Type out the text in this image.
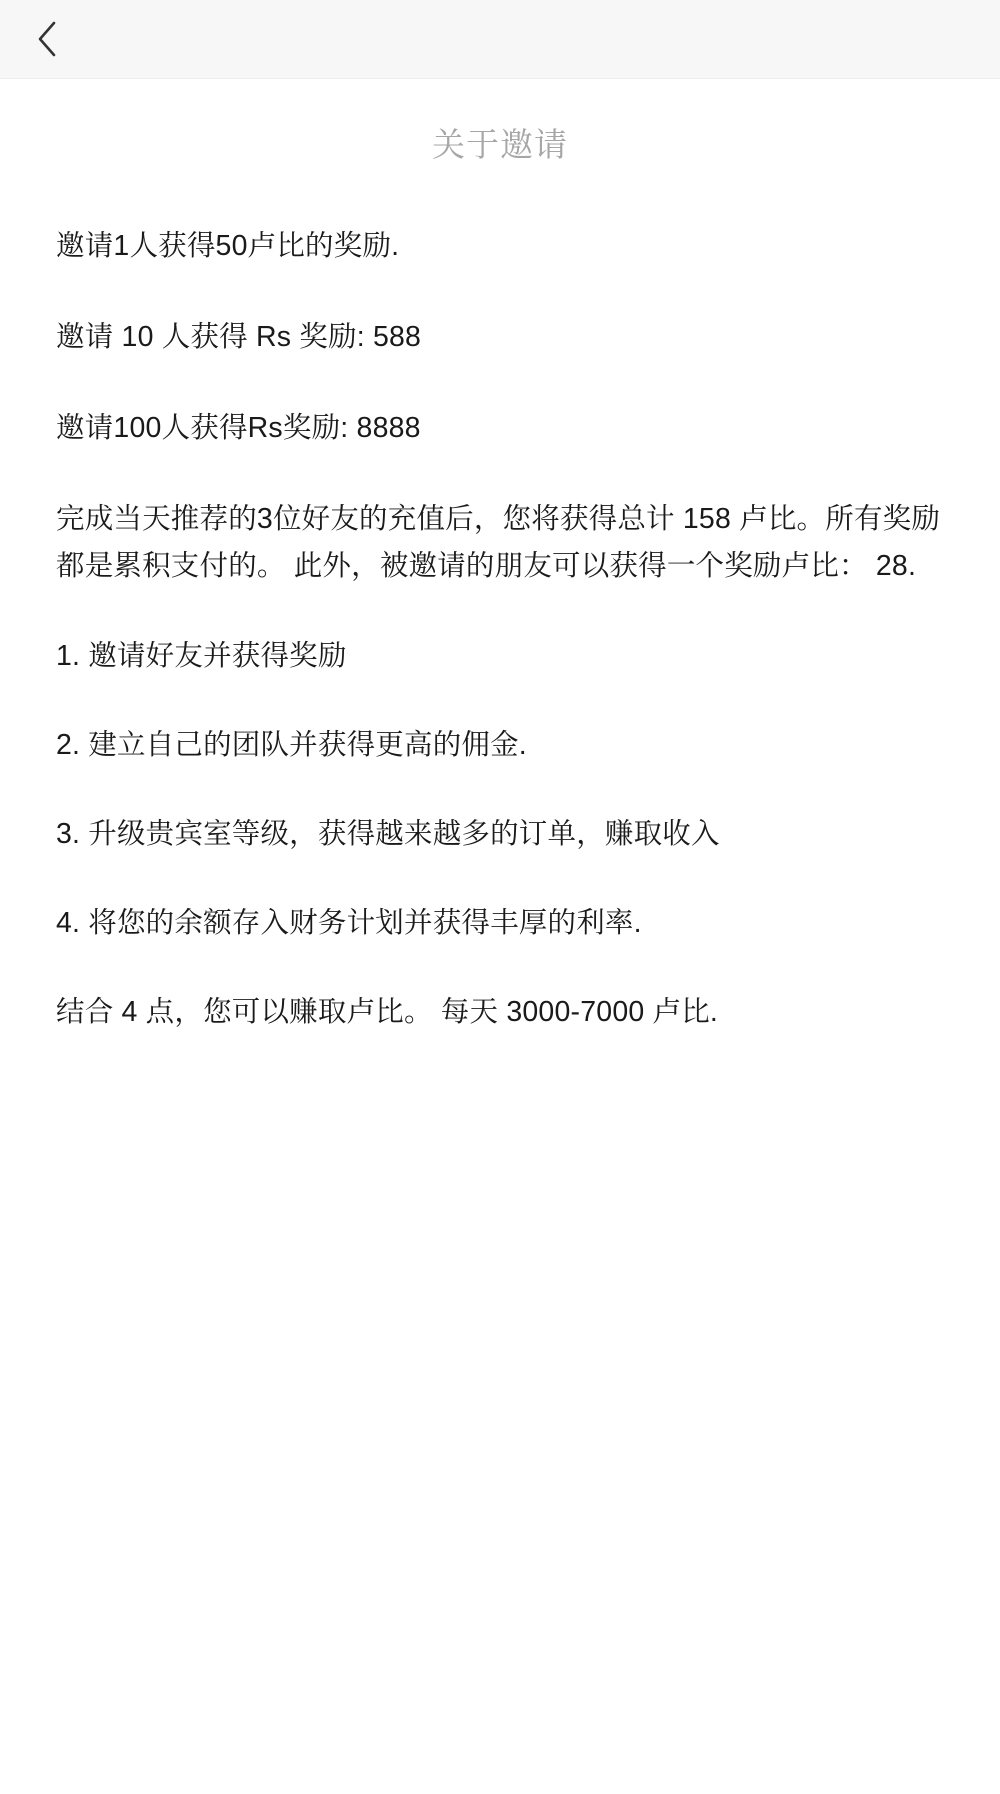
关于邀请

邀请1人获得50卢比的奖励.

邀请 10 人获得 Rs 奖励: 588

邀请100人获得Rs奖励: 8888

完成当天推荐的3位好友的充值后，您将获得总计 158 卢比。所有奖励都是累积支付的。 此外，被邀请的朋友可以获得一个奖励卢比： 28.

1. 邀请好友并获得奖励

2. 建立自己的团队并获得更高的佣金.

3. 升级贵宾室等级，获得越来越多的订单，赚取收入

4. 将您的余额存入财务计划并获得丰厚的利率.

结合 4 点，您可以赚取卢比。 每天 3000-7000 卢比.
